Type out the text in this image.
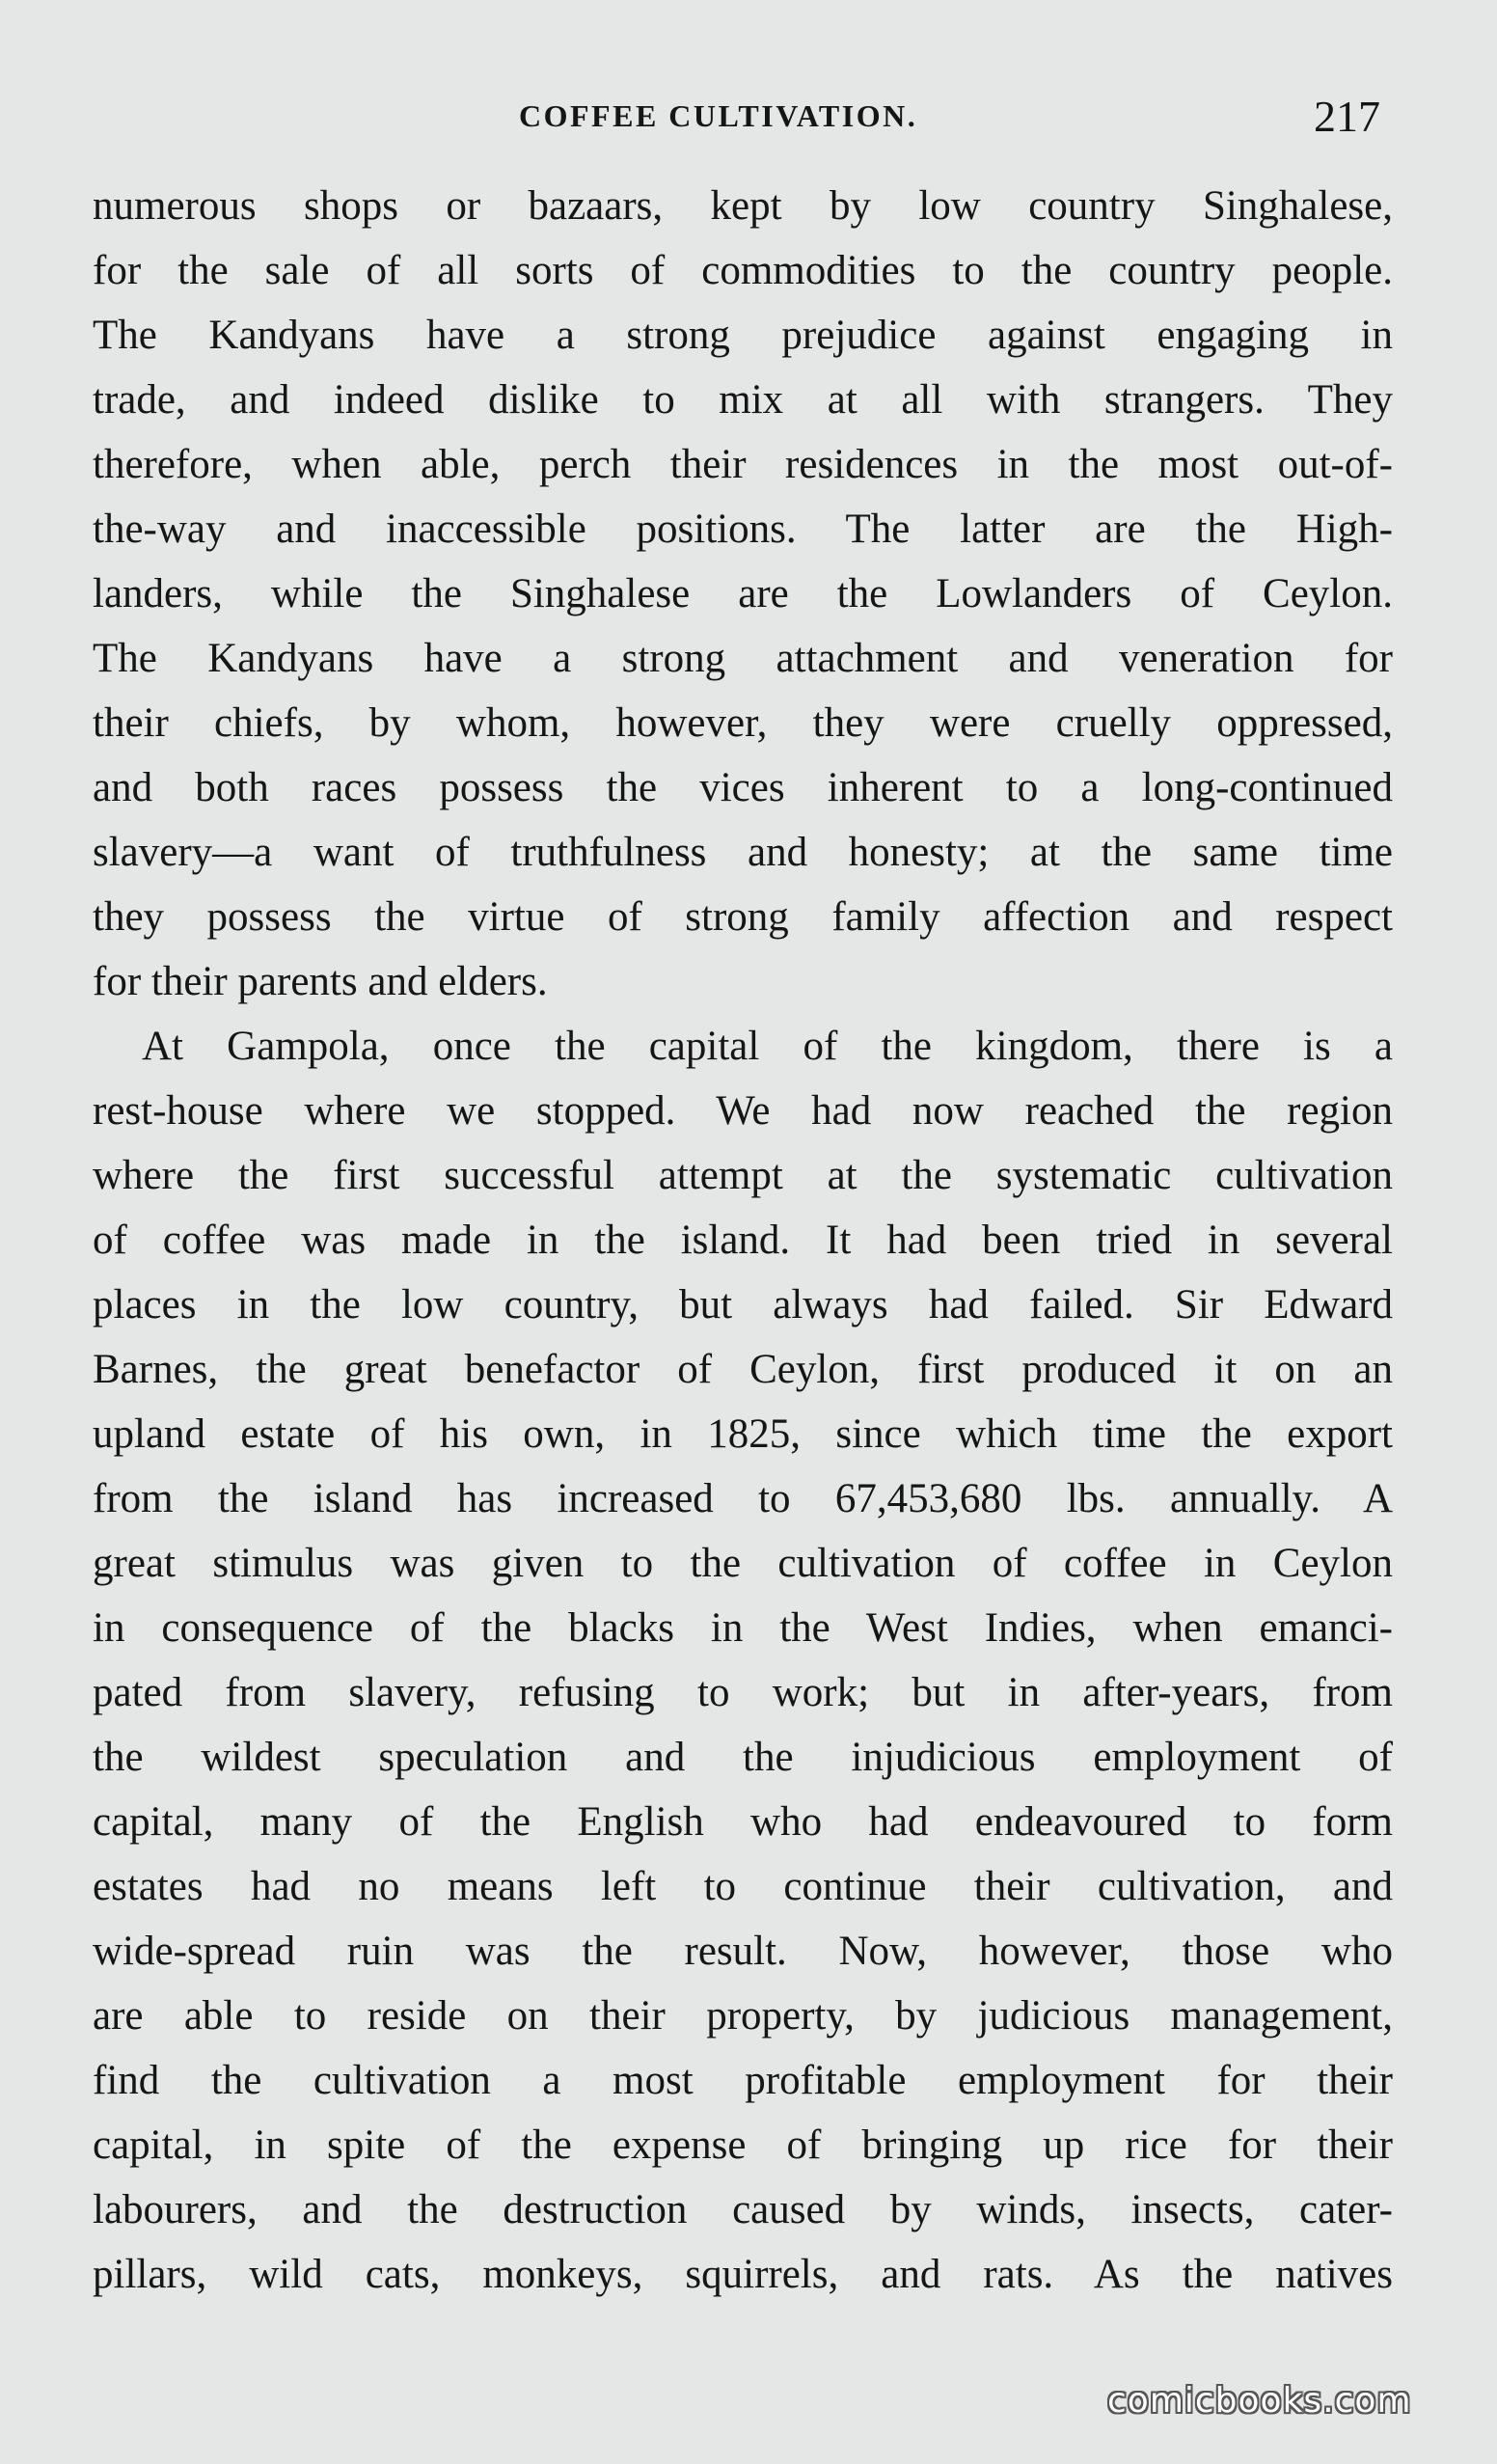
COFFEE CULTIVATION.	217
numerous shops or bazaars, kept by low country Singhalese,
for the sale of all sorts of commodities to the country people.
The Kandyans have a strong prejudice against engaging in
trade, and indeed dislike to mix at all with strangers. They
therefore, when able, perch their residences in the most out-of-
the-way and inaccessible positions. The latter are the High-
landers, while the Singhalese are the Lowlanders of Ceylon.
The Kandyans have a strong attachment and veneration for
their chiefs, by whom, however, they were cruelly oppressed,
and both races possess the vices inherent to a long-continued
slavery—a want of truthfulness and honesty; at the same time
they possess the virtue of strong family affection and respect
for their parents and elders.
At Gampola, once the capital of the kingdom, there is a
rest-house where we stopped. We had now reached the region
where the first successful attempt at the systematic cultivation
of coffee was made in the island. It had been tried in several
places in the low country, but always had failed. Sir Edward
Barnes, the great benefactor of Ceylon, first produced it on an
upland estate of his own, in 1825, since which time the export
from the island has increased to 67,453,680 lbs. annually. A
great stimulus was given to the cultivation of coffee in Ceylon
in consequence of the blacks in the West Indies, when emanci-
pated from slavery, refusing to work; but in after-years, from
the wildest speculation and the injudicious employment of
capital, many of the English who had endeavoured to form
estates had no means left to continue their cultivation, and
wide-spread ruin was the result. Now, however, those who
are able to reside on their property, by judicious management,
find the cultivation a most profitable employment for their
capital, in spite of the expense of bringing up rice for their
labourers, and the destruction caused by winds, insects, cater-
pillars, wild cats, monkeys, squirrels, and rats. As the natives
comicbooks.com
